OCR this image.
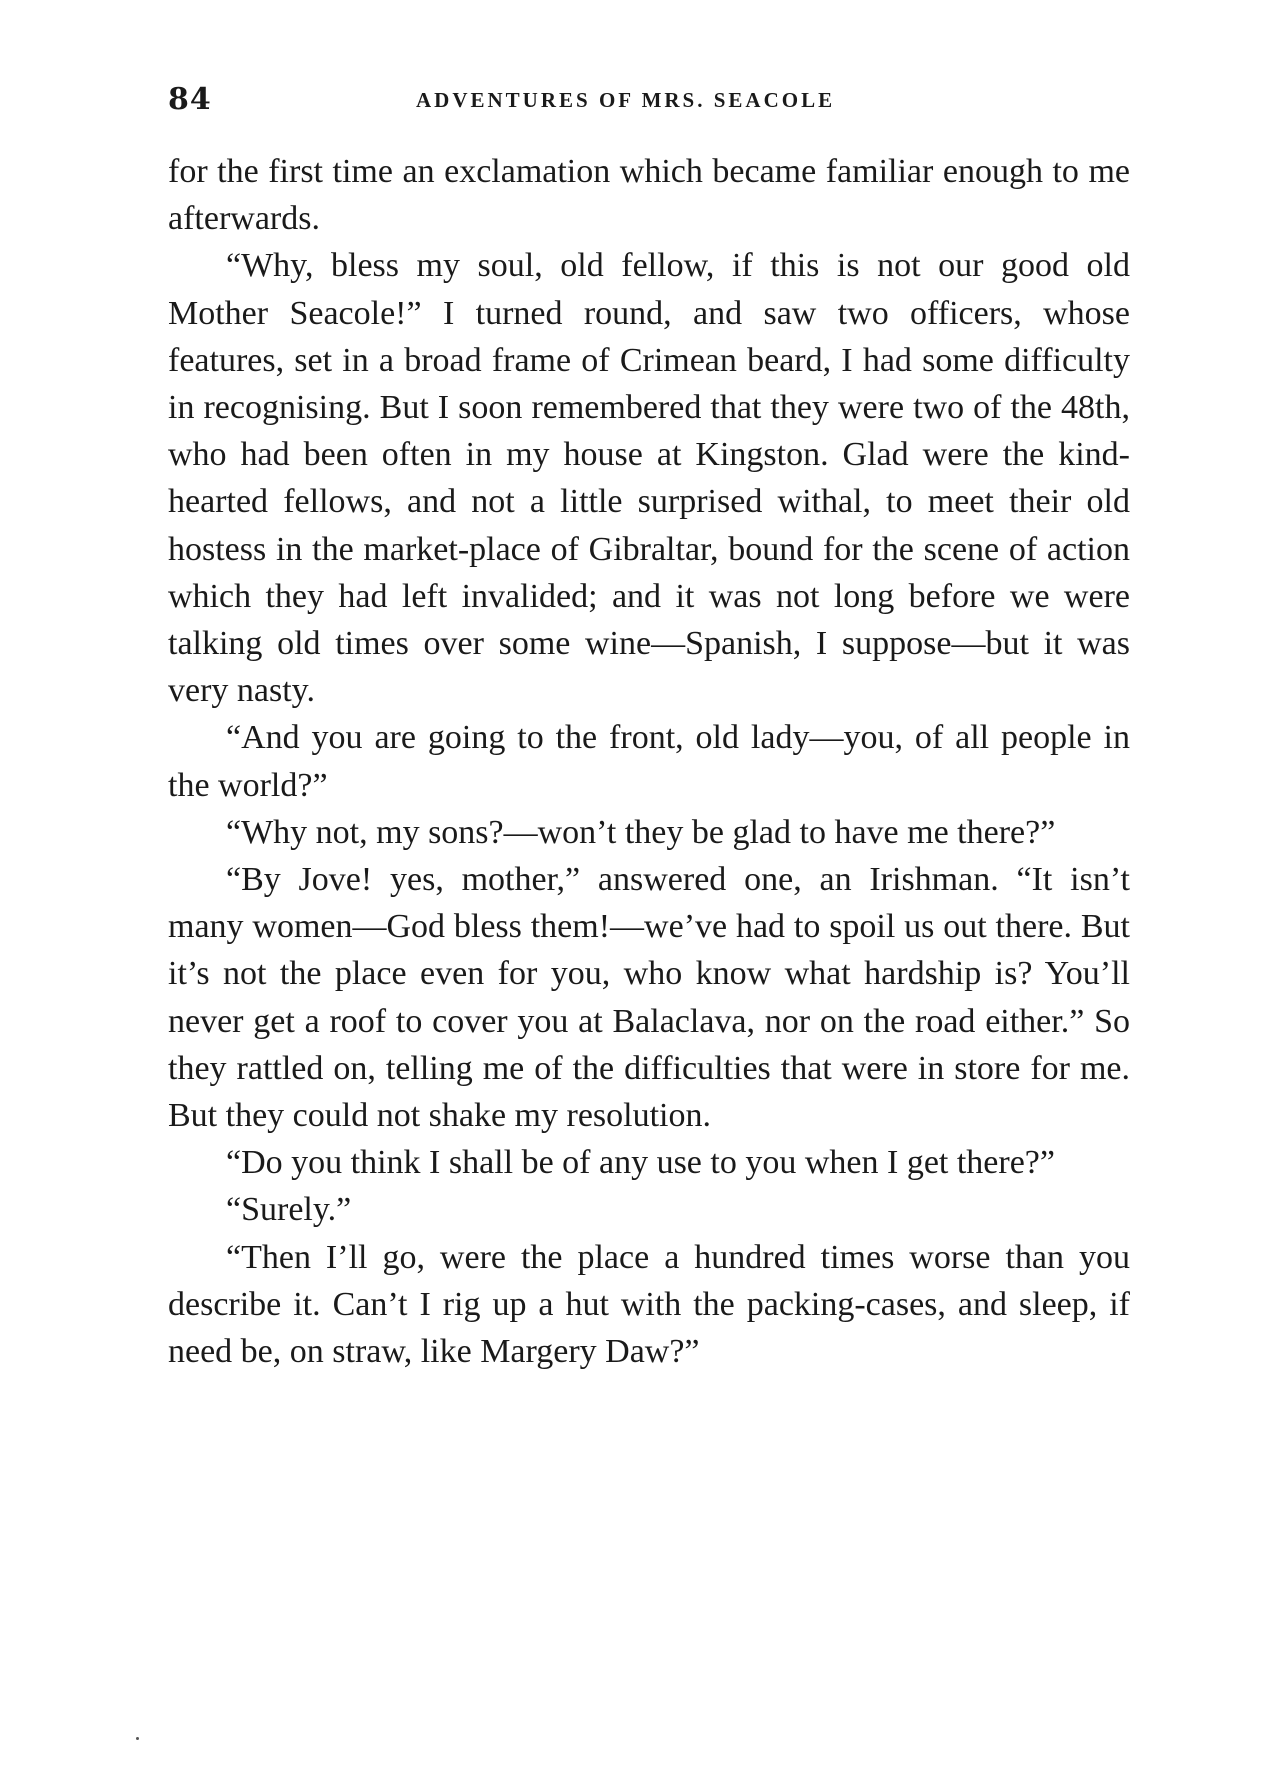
84	ADVENTURES OF MRS. SEACOLE

for the first time an exclamation which became familiar enough to me afterwards.

“Why, bless my soul, old fellow, if this is not our good old Mother Seacole!” I turned round, and saw two officers, whose features, set in a broad frame of Crimean beard, I had some difficulty in recognising. But I soon remembered that they were two of the 48th, who had been often in my house at Kingston. Glad were the kind-hearted fellows, and not a little surprised withal, to meet their old hostess in the market-place of Gibraltar, bound for the scene of action which they had left invalided; and it was not long before we were talking old times over some wine—Spanish, I suppose—but it was very nasty.

“And you are going to the front, old lady—you, of all people in the world?”

“Why not, my sons?—won’t they be glad to have me there?”

“By Jove! yes, mother,” answered one, an Irishman. “It isn’t many women—God bless them!—we’ve had to spoil us out there. But it’s not the place even for you, who know what hardship is? You’ll never get a roof to cover you at Balaclava, nor on the road either.” So they rattled on, telling me of the difficulties that were in store for me. But they could not shake my resolution.

“Do you think I shall be of any use to you when I get there?”

“Surely.”

“Then I’ll go, were the place a hundred times worse than you describe it. Can’t I rig up a hut with the packing-cases, and sleep, if need be, on straw, like Margery Daw?”
